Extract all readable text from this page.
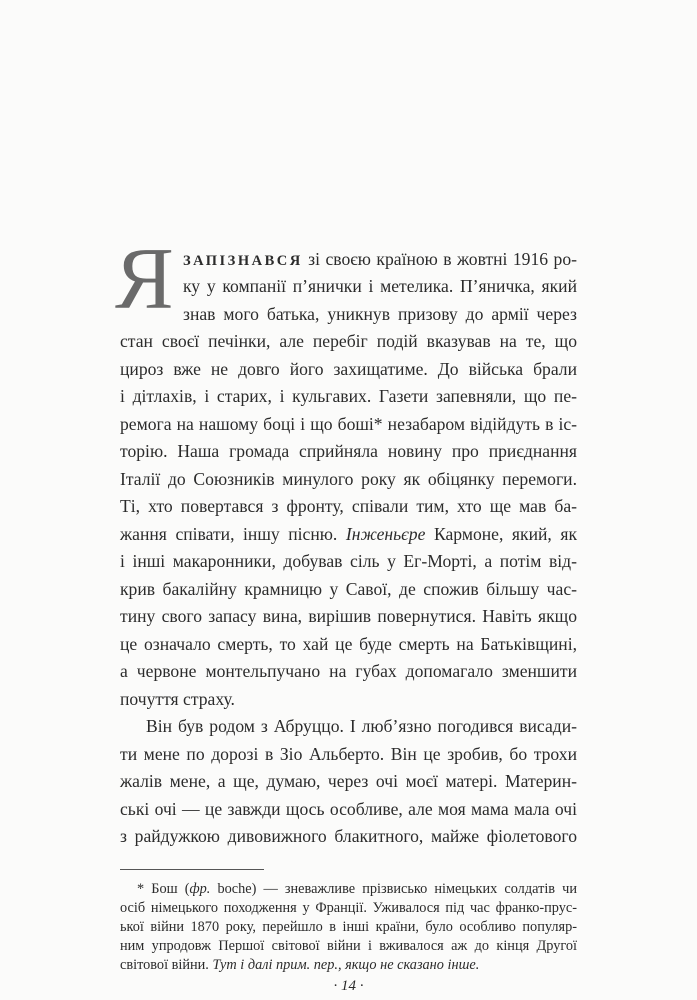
Я ЗАПІЗНАВСЯ зі своєю країною в жовтні 1916 ро-
ку у компанії п’янички і метелика. П’яничка, який
знав мого батька, уникнув призову до армії через
стан своєї печінки, але перебіг подій вказував на те, що
цироз вже не довго його захищатиме. До війська брали
і дітлахів, і старих, і кульгавих. Газети запевняли, що пе-
ремога на нашому боці і що боші* незабаром відійдуть в іс-
торію. Наша громада сприйняла новину про приєднання
Італії до Союзників минулого року як обіцянку перемоги.
Ті, хто повертався з фронту, співали тим, хто ще мав ба-
жання співати, іншу пісню. Інженьєре Кармоне, який, як
і інші макаронники, добував сіль у Ег-Морті, а потім від-
крив бакалійну крамницю у Савої, де спожив більшу час-
тину свого запасу вина, вирішив повернутися. Навіть якщо
це означало смерть, то хай це буде смерть на Батьківщині,
а червоне монтельпучано на губах допомагало зменшити
почуття страху.
Він був родом з Абруццо. І люб’язно погодився висади-
ти мене по дорозі в Зіо Альберто. Він це зробив, бо трохи
жалів мене, а ще, думаю, через очі моєї матері. Материн-
ські очі — це завжди щось особливе, але моя мама мала очі
з райдужкою дивовижного блакитного, майже фіолетового
* Бош (фр. boche) — зневажливе прізвисько німецьких солдатів чи
осіб німецького походження у Франції. Уживалося під час франко-прус-
ької війни 1870 року, перейшло в інші країни, було особливо популяр-
ним упродовж Першої світової війни і вживалося аж до кінця Другої
світової війни. Тут і далі прим. пер., якщо не сказано інше.
· 14 ·
